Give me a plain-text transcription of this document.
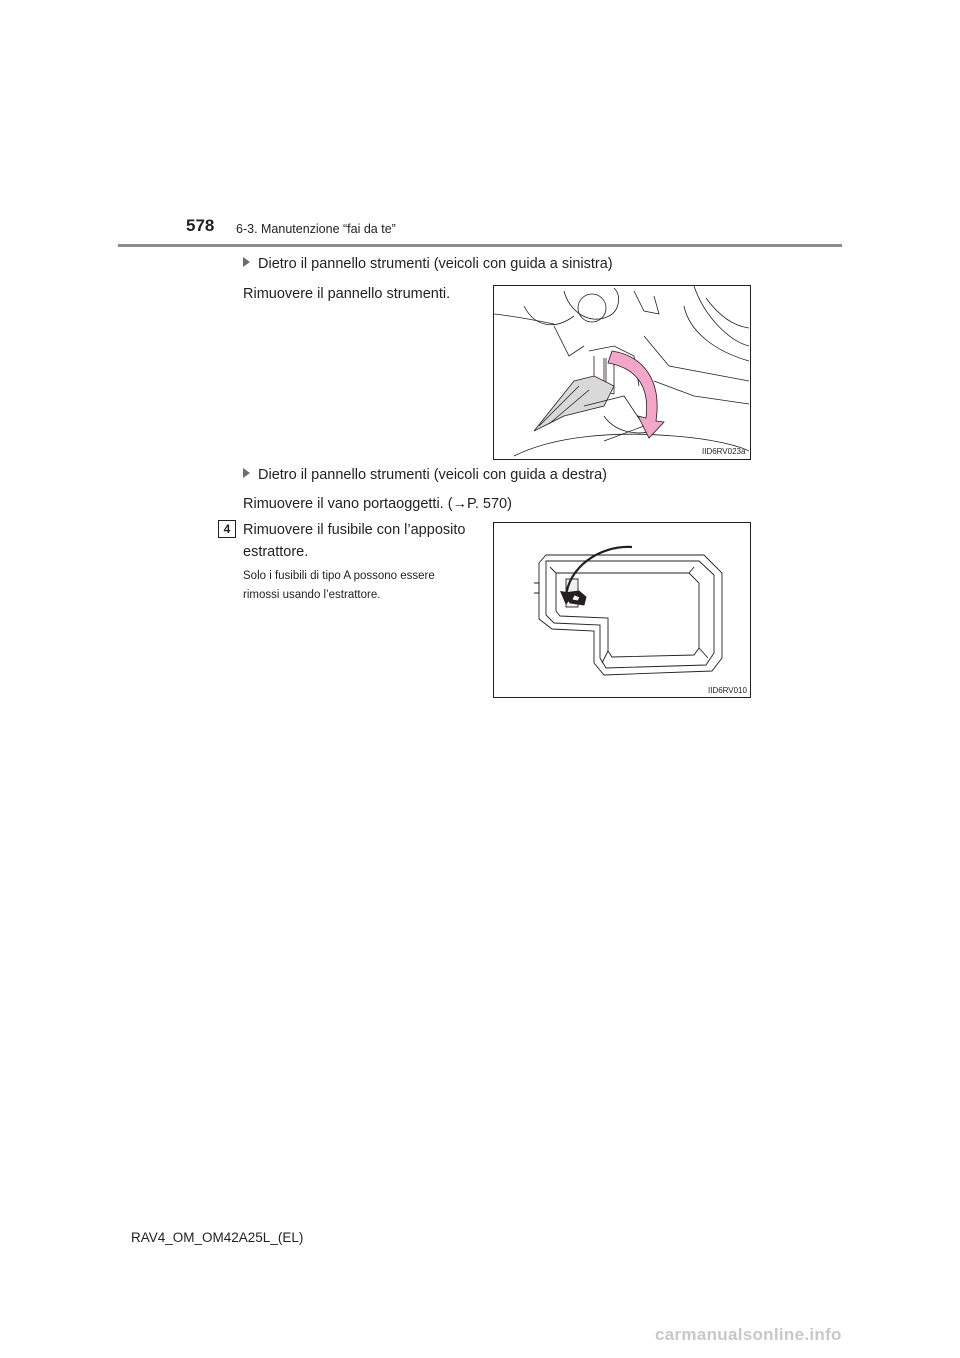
578 6-3. Manutenzione “fai da te”
Dietro il pannello strumenti (veicoli con guida a sinistra)
Rimuovere il pannello strumenti.
IID6RV023a
Dietro il pannello strumenti (veicoli con guida a destra)
Rimuovere il vano portaoggetti. (→P. 570)
4 Rimuovere il fusibile con l’apposito
estrattore.
Solo i fusibili di tipo A possono essere
rimossi usando l’estrattore.
IID6RV010
RAV4_OM_OM42A25L_(EL)
carmanualsonline.info
